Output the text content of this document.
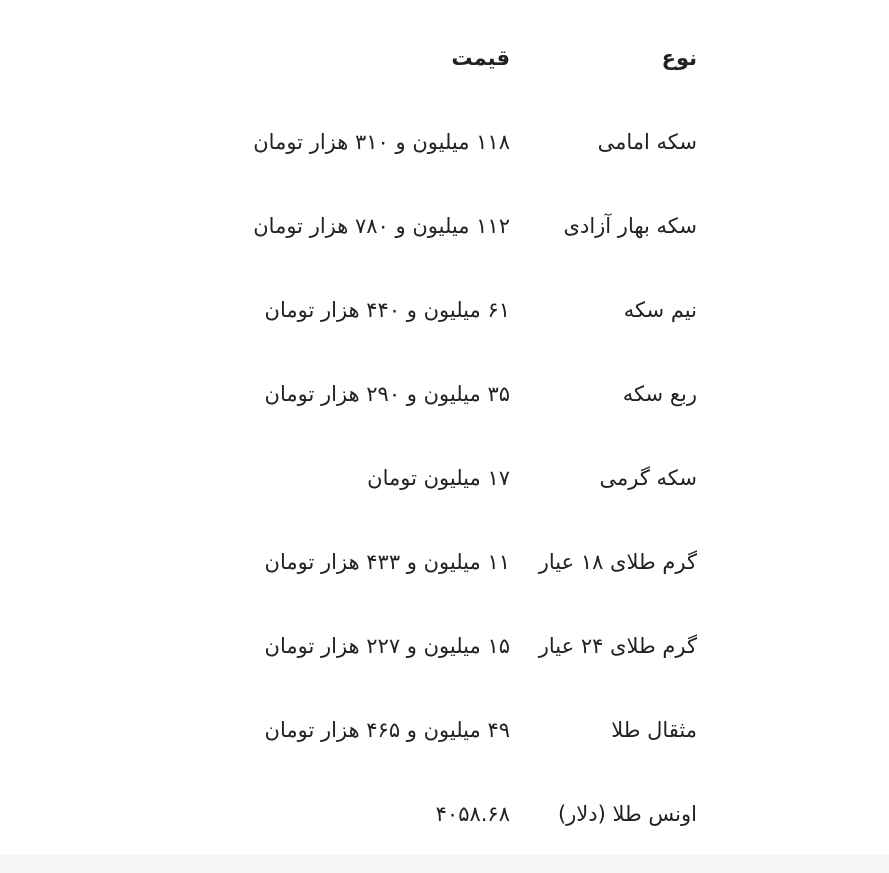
نوع
قیمت
سکه امامی
۱۱۸ میلیون و ۳۱۰ هزار تومان
سکه بهار آزادی
۱۱۲ میلیون و ۷۸۰ هزار تومان
نیم سکه
۶۱ میلیون و ۴۴۰ هزار تومان
ربع سکه
۳۵ میلیون و ۲۹۰ هزار تومان
سکه گرمی
۱۷ میلیون تومان
گرم طلای ۱۸ عیار
۱۱ میلیون و ۴۳۳ هزار تومان
گرم طلای ۲۴ عیار
۱۵ میلیون و ۲۲۷ هزار تومان
مثقال طلا
۴۹ میلیون و ۴۶۵ هزار تومان
اونس طلا (دلار)
۴۰۵۸.۶۸
